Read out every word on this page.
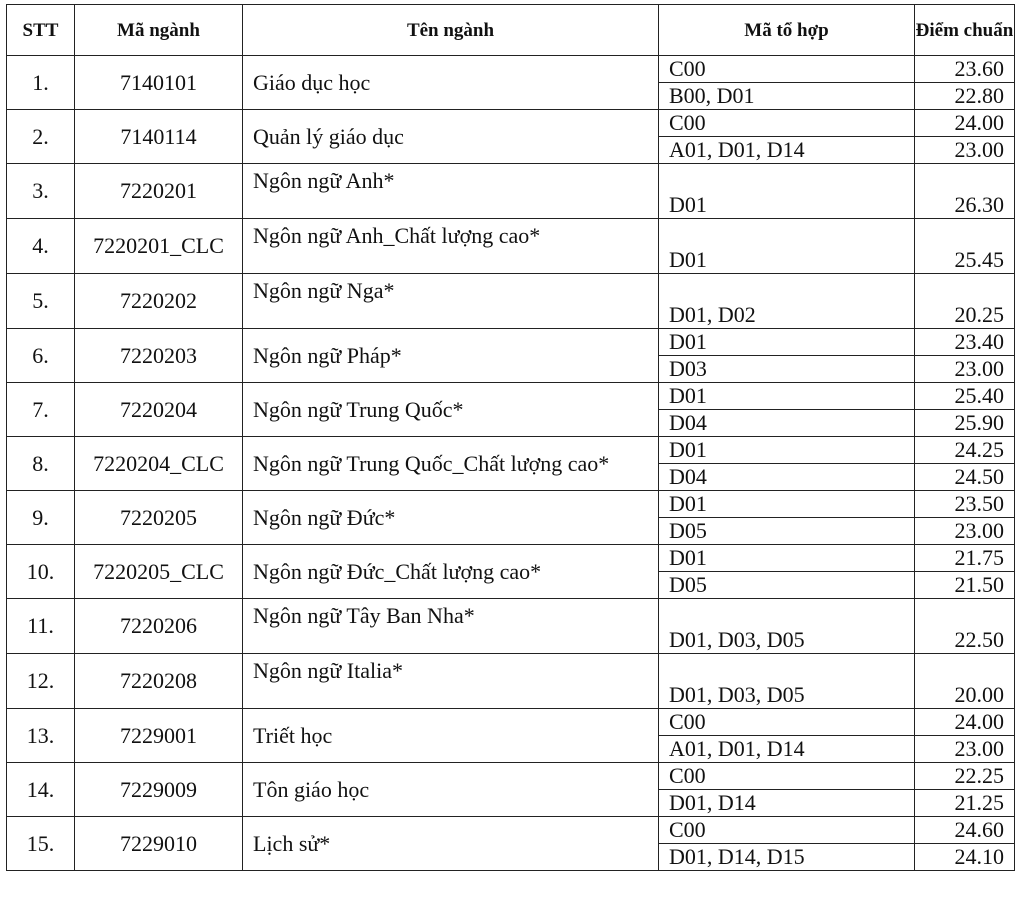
STT	Mã ngành	Tên ngành	Mã tổ hợp	Điểm chuẩn
1.	7140101	Giáo dục học	C00	23.60
			B00, D01	22.80
2.	7140114	Quản lý giáo dục	C00	24.00
			A01, D01, D14	23.00
3.	7220201	Ngôn ngữ Anh*	D01	26.30
4.	7220201_CLC	Ngôn ngữ Anh_Chất lượng cao*	D01	25.45
5.	7220202	Ngôn ngữ Nga*	D01, D02	20.25
6.	7220203	Ngôn ngữ Pháp*	D01	23.40
			D03	23.00
7.	7220204	Ngôn ngữ Trung Quốc*	D01	25.40
			D04	25.90
8.	7220204_CLC	Ngôn ngữ Trung Quốc_Chất lượng cao*	D01	24.25
			D04	24.50
9.	7220205	Ngôn ngữ Đức*	D01	23.50
			D05	23.00
10.	7220205_CLC	Ngôn ngữ Đức_Chất lượng cao*	D01	21.75
			D05	21.50
11.	7220206	Ngôn ngữ Tây Ban Nha*	D01, D03, D05	22.50
12.	7220208	Ngôn ngữ Italia*	D01, D03, D05	20.00
13.	7229001	Triết học	C00	24.00
			A01, D01, D14	23.00
14.	7229009	Tôn giáo học	C00	22.25
			D01, D14	21.25
15.	7229010	Lịch sử*	C00	24.60
			D01, D14, D15	24.10
